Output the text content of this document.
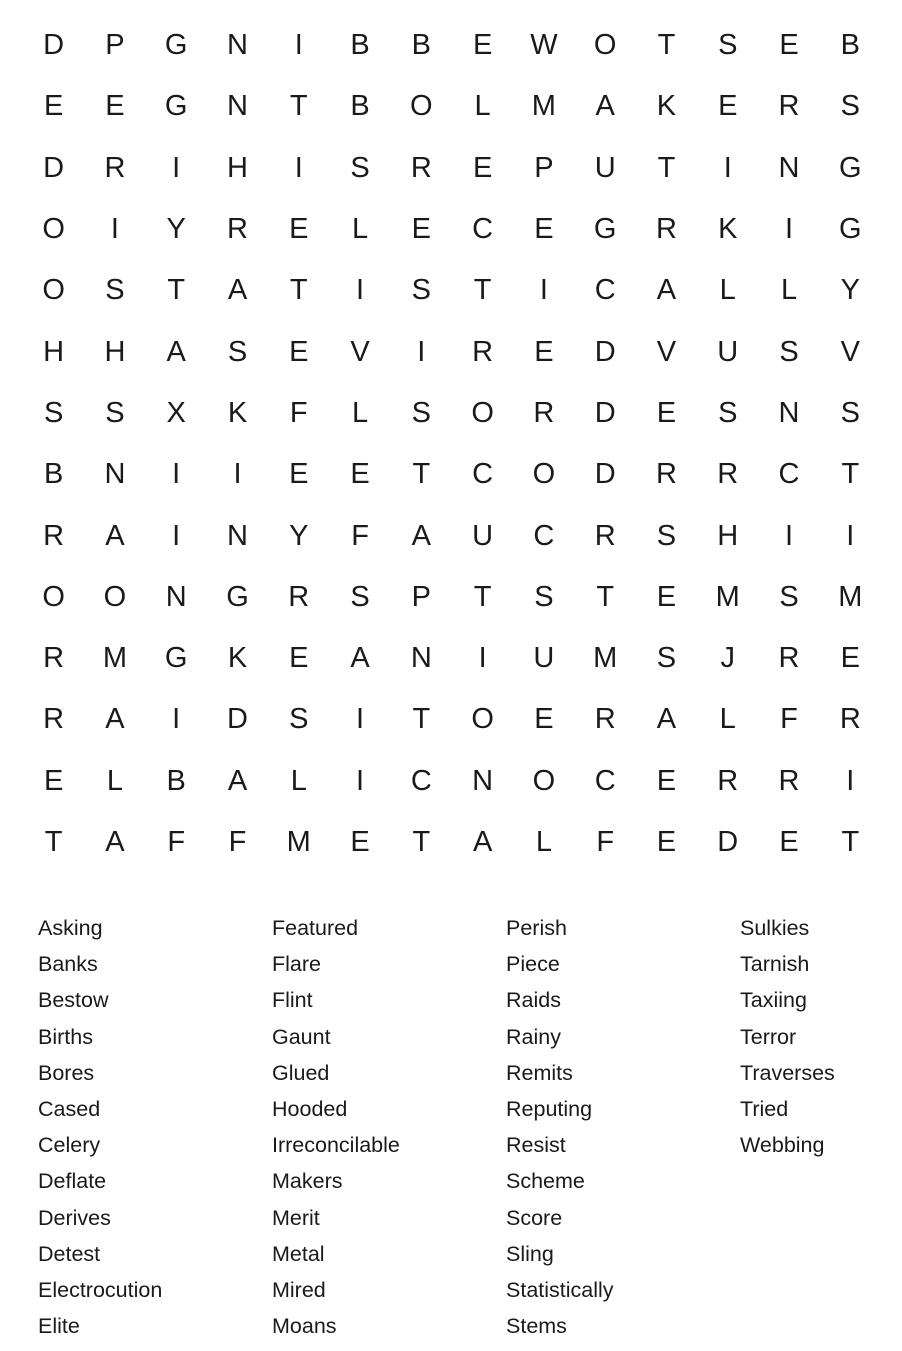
D	P	G	N	I	B	B	E	W	O	T	S	E	B
E	E	G	N	T	B	O	L	M	A	K	E	R	S
D	R	I	H	I	S	R	E	P	U	T	I	N	G
O	I	Y	R	E	L	E	C	E	G	R	K	I	G
O	S	T	A	T	I	S	T	I	C	A	L	L	Y
H	H	A	S	E	V	I	R	E	D	V	U	S	V
S	S	X	K	F	L	S	O	R	D	E	S	N	S
B	N	I	I	E	E	T	C	O	D	R	R	C	T
R	A	I	N	Y	F	A	U	C	R	S	H	I	I
O	O	N	G	R	S	P	T	S	T	E	M	S	M
R	M	G	K	E	A	N	I	U	M	S	J	R	E
R	A	I	D	S	I	T	O	E	R	A	L	F	R
E	L	B	A	L	I	C	N	O	C	E	R	R	I
T	A	F	F	M	E	T	A	L	F	E	D	E	T
Asking
Banks
Bestow
Births
Bores
Cased
Celery
Deflate
Derives
Detest
Electrocution
Elite
Featured
Flare
Flint
Gaunt
Glued
Hooded
Irreconcilable
Makers
Merit
Metal
Mired
Moans
Perish
Piece
Raids
Rainy
Remits
Reputing
Resist
Scheme
Score
Sling
Statistically
Stems
Sulkies
Tarnish
Taxiing
Terror
Traverses
Tried
Webbing
